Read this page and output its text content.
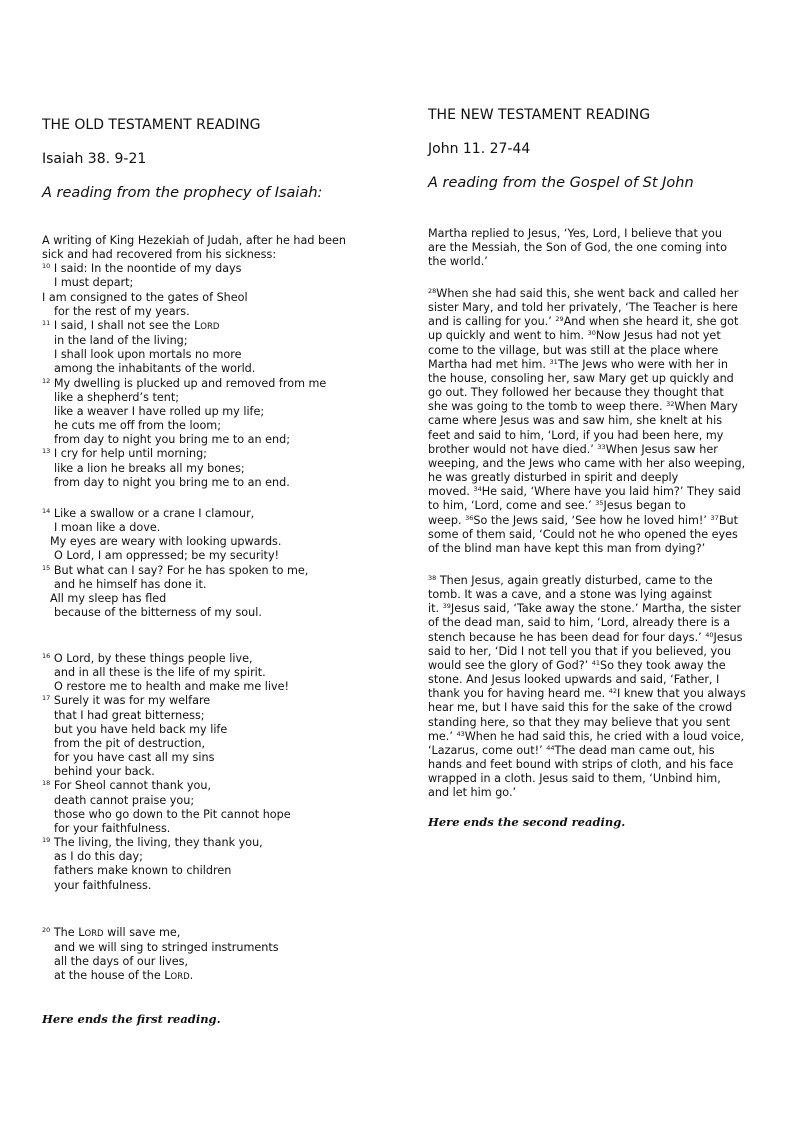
THE OLD TESTAMENT READING
Isaiah 38. 9-21
A reading from the prophecy of Isaiah:
A writing of King Hezekiah of Judah, after he had been
sick and had recovered from his sickness:
$^{10}$ I said: In the noontide of my days
I must depart;
I am consigned to the gates of Sheol
for the rest of my years.
$^{11}$ I said, I shall not see the LORD
in the land of the living;
I shall look upon mortals no more
among the inhabitants of the world.
$^{12}$ My dwelling is plucked up and removed from me
like a shepherd’s tent;
like a weaver I have rolled up my life;
he cuts me off from the loom;
from day to night you bring me to an end;
$^{13}$ I cry for help until morning;
like a lion he breaks all my bones;
from day to night you bring me to an end.
$^{14}$ Like a swallow or a crane I clamour,
I moan like a dove.
My eyes are weary with looking upwards.
O Lord, I am oppressed; be my security!
$^{15}$ But what can I say? For he has spoken to me,
and he himself has done it.
All my sleep has fled
because of the bitterness of my soul.
$^{16}$ O Lord, by these things people live,
and in all these is the life of my spirit.
O restore me to health and make me live!
$^{17}$ Surely it was for my welfare
that I had great bitterness;
but you have held back my life
from the pit of destruction,
for you have cast all my sins
behind your back.
$^{18}$ For Sheol cannot thank you,
death cannot praise you;
those who go down to the Pit cannot hope
for your faithfulness.
$^{19}$ The living, the living, they thank you,
as I do this day;
fathers make known to children
your faithfulness.
$^{20}$ The LORD will save me,
and we will sing to stringed instruments
all the days of our lives,
at the house of the LORD.
Here ends the first reading.
THE NEW TESTAMENT READING
John 11. 27-44
A reading from the Gospel of St John
Martha replied to Jesus, ‘Yes, Lord, I believe that you
are the Messiah, the Son of God, the one coming into
the world.’
$^{28}$When she had said this, she went back and called her
sister Mary, and told her privately, ‘The Teacher is here
and is calling for you.’ $^{29}$And when she heard it, she got
up quickly and went to him. $^{30}$Now Jesus had not yet
come to the village, but was still at the place where
Martha had met him. $^{31}$The Jews who were with her in
the house, consoling her, saw Mary get up quickly and
go out. They followed her because they thought that
she was going to the tomb to weep there. $^{32}$When Mary
came where Jesus was and saw him, she knelt at his
feet and said to him, ‘Lord, if you had been here, my
brother would not have died.’ $^{33}$When Jesus saw her
weeping, and the Jews who came with her also weeping,
he was greatly disturbed in spirit and deeply
moved. $^{34}$He said, ‘Where have you laid him?’ They said
to him, ‘Lord, come and see.’ $^{35}$Jesus began to
weep. $^{36}$So the Jews said, ‘See how he loved him!’ $^{37}$But
some of them said, ‘Could not he who opened the eyes
of the blind man have kept this man from dying?’
$^{38}$ Then Jesus, again greatly disturbed, came to the
tomb. It was a cave, and a stone was lying against
it. $^{39}$Jesus said, ‘Take away the stone.’ Martha, the sister
of the dead man, said to him, ‘Lord, already there is a
stench because he has been dead for four days.’ $^{40}$Jesus
said to her, ‘Did I not tell you that if you believed, you
would see the glory of God?’ $^{41}$So they took away the
stone. And Jesus looked upwards and said, ‘Father, I
thank you for having heard me. $^{42}$I knew that you always
hear me, but I have said this for the sake of the crowd
standing here, so that they may believe that you sent
me.’ $^{43}$When he had said this, he cried with a loud voice,
‘Lazarus, come out!’ $^{44}$The dead man came out, his
hands and feet bound with strips of cloth, and his face
wrapped in a cloth. Jesus said to them, ‘Unbind him,
and let him go.’
Here ends the second reading.
